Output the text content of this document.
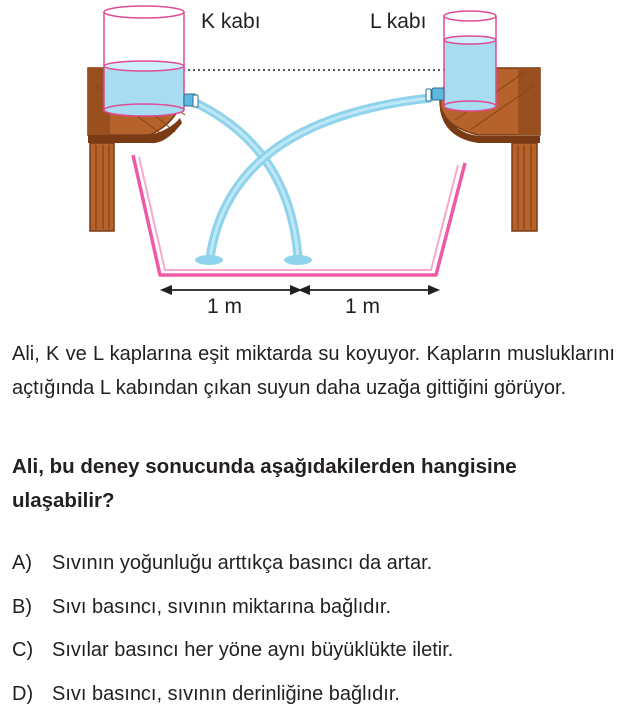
K kabı	L kabı
1 m	1 m
Ali, K ve L kaplarına eşit miktarda su koyuyor. Kapların musluklarını açtığında L kabından çıkan suyun daha uzağa gittiğini görüyor.
Ali, bu deney sonucunda aşağıdakilerden hangisine ulaşabilir?
A)	Sıvının yoğunluğu arttıkça basıncı da artar.
B)	Sıvı basıncı, sıvının miktarına bağlıdır.
C) Sıvılar basıncı her yöne aynı büyüklükte iletir.
D) Sıvı basıncı, sıvının derinliğine bağlıdır.
